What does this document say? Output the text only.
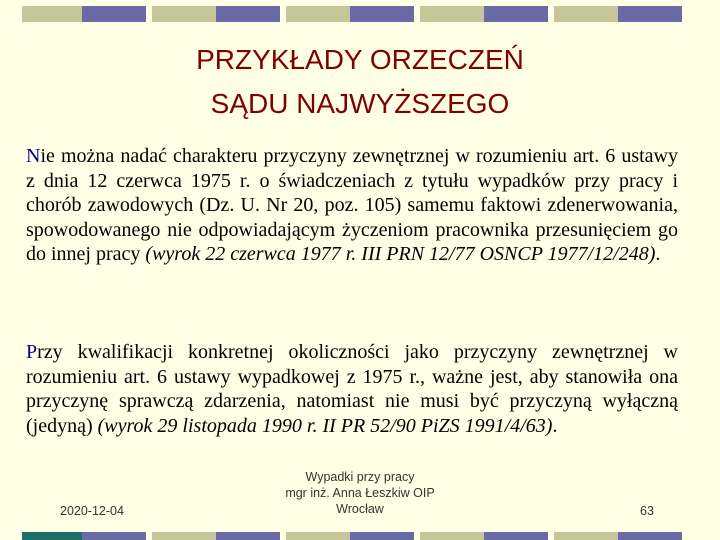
PRZYKŁADY ORZECZEŃ
SĄDU NAJWYŻSZEGO

Nie można nadać charakteru przyczyny zewnętrznej w rozumieniu art. 6 ustawy z dnia 12 czerwca 1975 r. o świadczeniach z tytułu wypadków przy pracy i chorób zawodowych (Dz. U. Nr 20, poz. 105) samemu faktowi zdenerwowania, spowodowanego nie odpowiadającym życzeniom pracownika przesunięciem go do innej pracy (wyrok 22 czerwca 1977 r. III PRN 12/77 OSNCP 1977/12/248).

Przy kwalifikacji konkretnej okoliczności jako przyczyny zewnętrznej w rozumieniu art. 6 ustawy wypadkowej z 1975 r., ważne jest, aby stanowiła ona przyczynę sprawczą zdarzenia, natomiast nie musi być przyczyną wyłączną (jedyną) (wyrok 29 listopada 1990 r. II PR 52/90 PiZS 1991/4/63).

2020-12-04
Wypadki przy pracy
mgr inż. Anna Łeszkiw OIP
Wrocław	63
